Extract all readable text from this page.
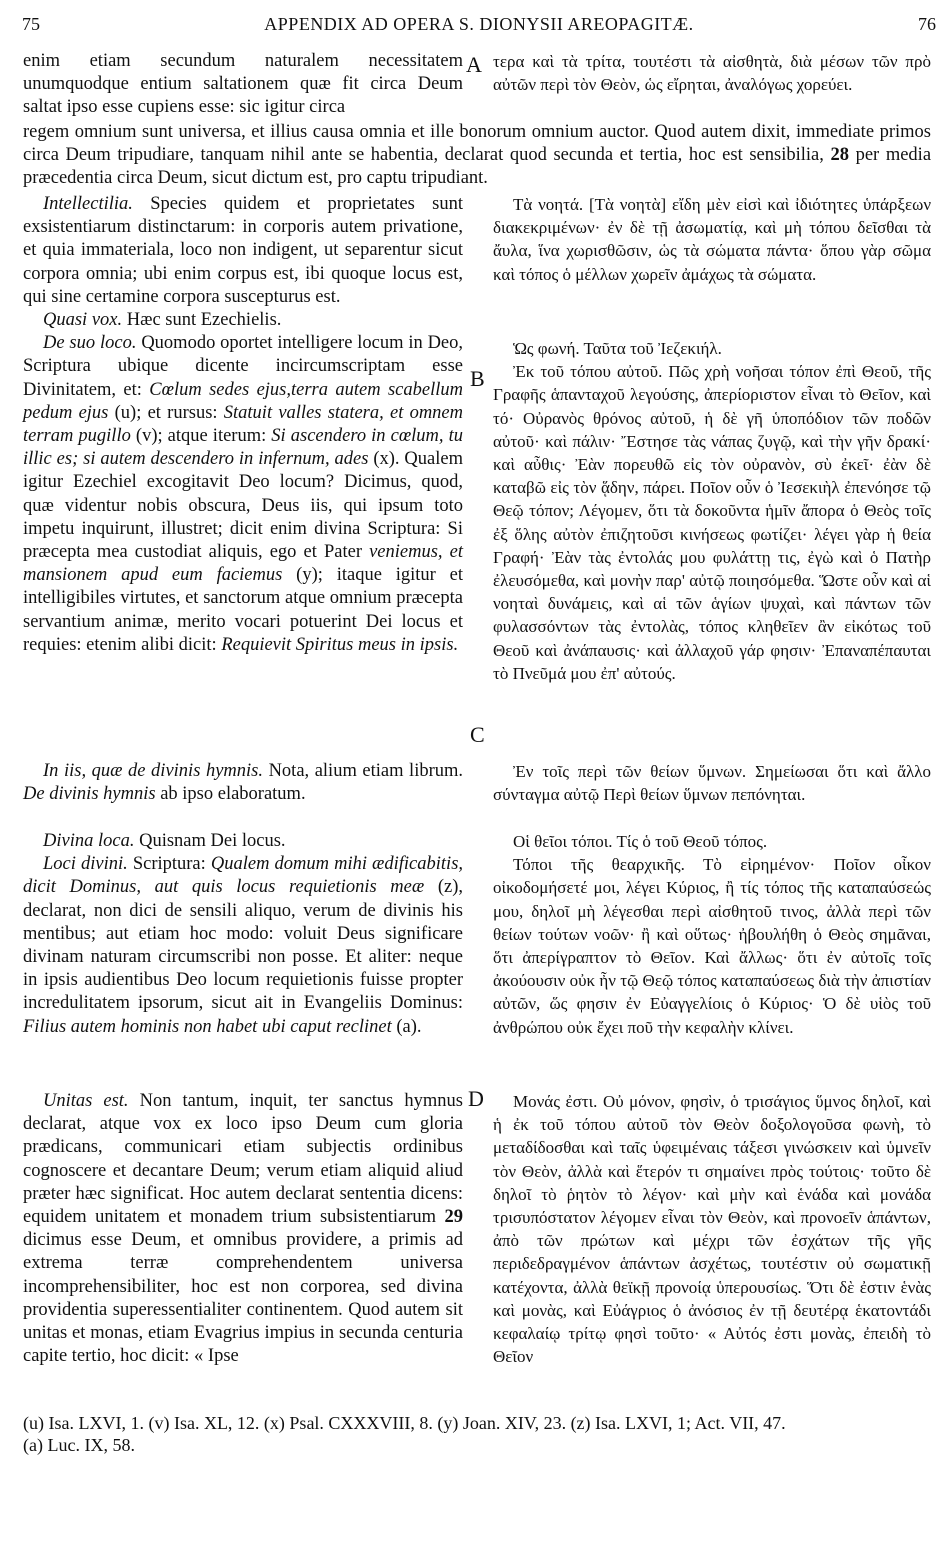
75	APPENDIX AD OPERA S. DIONYSII AREOPAGITÆ.	76
A
B
C
D

enim etiam secundum naturalem necessitatem unumquodque entium saltationem quæ fit circa Deum saltat ipso esse cupiens esse: sic igitur circa

τερα καὶ τὰ τρίτα, τουτέστι τὰ αἰσθητὰ, διὰ μέσων τῶν πρὸ αὐτῶν περὶ τὸν Θεὸν, ὡς εἴρηται, ἀναλόγως χορεύει.

regem omnium sunt universa, et illius causa omnia et ille bonorum omnium auctor. Quod autem dixit, immediate primos circa Deum tripudiare, tanquam nihil ante se habentia, declarat quod secunda et tertia, hoc est sensibilia, 28 per media præcedentia circa Deum, sicut dictum est, pro captu tripudiant.

Intellectilia. Species quidem et proprietates sunt exsistentiarum distinctarum: in corporis autem privatione, et quia immateriala, loco non indigent, ut separentur sicut corpora omnia; ubi enim corpus est, ibi quoque locus est, qui sine certamine corpora suscepturus est.

Quasi vox. Hæc sunt Ezechielis.

De suo loco. Quomodo oportet intelligere locum in Deo, Scriptura ubique dicente incircumscriptam esse Divinitatem, et: Cœlum sedes ejus,terra autem scabellum pedum ejus (u); et rursus: Statuit valles statera, et omnem terram pugillo (v); atque iterum: Si ascendero in cœlum, tu illic es; si autem descendero in infernum, ades (x). Qualem igitur Ezechiel excogitavit Deo locum? Dicimus, quod, quæ videntur nobis obscura, Deus iis, qui ipsum toto impetu inquirunt, illustret; dicit enim divina Scriptura: Si præcepta mea custodiat aliquis, ego et Pater veniemus, et mansionem apud eum faciemus (y); itaque igitur et intelligibiles virtutes, et sanctorum atque omnium præcepta servantium animæ, merito vocari potuerint Dei locus et requies: etenim alibi dicit: Requievit Spiritus meus in ipsis.

In iis, quæ de divinis hymnis. Nota, alium etiam librum. De divinis hymnis ab ipso elaboratum.

Divina loca. Quisnam Dei locus.

Loci divini. Scriptura: Qualem domum mihi ædificabitis, dicit Dominus, aut quis locus requietionis meæ (z), declarat, non dici de sensili aliquo, verum de divinis his mentibus; aut etiam hoc modo: voluit Deus significare divinam naturam circumscribi non posse. Et aliter: neque in ipsis audientibus Deo locum requietionis fuisse propter incredulitatem ipsorum, sicut ait in Evangeliis Dominus: Filius autem hominis non habet ubi caput reclinet (a).

Unitas est. Non tantum, inquit, ter sanctus hymnus declarat, atque vox ex loco ipso Deum cum gloria prædicans, communicari etiam subjectis ordinibus cognoscere et decantare Deum; verum etiam aliquid aliud præter hæc significat. Hoc autem declarat sententia dicens: equidem unitatem et monadem trium subsistentiarum 29 dicimus esse Deum, et omnibus providere, a primis ad extrema terræ comprehendentem universa incomprehensibiliter, hoc est non corporea, sed divina providentia superessentialiter continentem. Quod autem sit unitas et monas, etiam Evagrius impius in secunda centuria capite tertio, hoc dicit: « Ipse

Τὰ νοητά. [Τὰ νοητὰ] εἴδη μὲν εἰσὶ καὶ ἰδιότητες ὑπάρξεων διακεκριμένων· ἐν δὲ τῇ ἀσωματίᾳ, καὶ μὴ τόπου δεῖσθαι τὰ ἄυλα, ἵνα χωρισθῶσιν, ὡς τὰ σώματα πάντα· ὅπου γὰρ σῶμα καὶ τόπος ὁ μέλλων χωρεῖν ἀμάχως τὰ σώματα.

Ὡς φωνή. Ταῦτα τοῦ Ἰεζεκιήλ.

Ἐκ τοῦ τόπου αὐτοῦ. Πῶς χρὴ νοῆσαι τόπον ἐπὶ Θεοῦ, τῆς Γραφῆς ἁπανταχοῦ λεγούσης, ἀπερίοριστον εἶναι τὸ Θεῖον, καὶ τό· Οὐρανὸς θρόνος αὐτοῦ, ἡ δὲ γῆ ὑποπόδιον τῶν ποδῶν αὐτοῦ· καὶ πάλιν· Ἔστησε τὰς νάπας ζυγῷ, καὶ τὴν γῆν δρακί· καὶ αὖθις· Ἐὰν πορευθῶ εἰς τὸν οὐρανὸν, σὺ ἐκεῖ· ἐὰν δὲ καταβῶ εἰς τὸν ᾅδην, πάρει. Ποῖον οὖν ὁ Ἰεσεκιὴλ ἐπενόησε τῷ Θεῷ τόπον; Λέγομεν, ὅτι τὰ δοκοῦντα ἡμῖν ἄπορα ὁ Θεὸς τοῖς ἐξ ὅλης αὐτὸν ἐπιζητοῦσι κινήσεως φωτίζει· λέγει γὰρ ἡ θεία Γραφή· Ἐὰν τὰς ἐντολάς μου φυλάττῃ τις, ἐγὼ καὶ ὁ Πατὴρ ἐλευσόμεθα, καὶ μονὴν παρ' αὐτῷ ποιησόμεθα. Ὥστε οὖν καὶ αἱ νοηταὶ δυνάμεις, καὶ αἱ τῶν ἁγίων ψυχαὶ, καὶ πάντων τῶν φυλασσόντων τὰς ἐντολὰς, τόπος κληθεῖεν ἂν εἰκότως τοῦ Θεοῦ καὶ ἀνάπαυσις· καὶ ἀλλαχοῦ γάρ φησιν· Ἐπαναπέπαυται τὸ Πνεῦμά μου ἐπ' αὐτούς.

Ἐν τοῖς περὶ τῶν θείων ὕμνων. Σημείωσαι ὅτι καὶ ἄλλο σύνταγμα αὐτῷ Περὶ θείων ὕμνων πεπόνηται.

Οἱ θεῖοι τόποι. Τίς ὁ τοῦ Θεοῦ τόπος.

Τόποι τῆς θεαρχικῆς. Τὸ εἰρημένον· Ποῖον οἶκον οἰκοδομήσετέ μοι, λέγει Κύριος, ἢ τίς τόπος τῆς καταπαύσεώς μου, δηλοῖ μὴ λέγεσθαι περὶ αἰσθητοῦ τινος, ἀλλὰ περὶ τῶν θείων τούτων νοῶν· ἢ καὶ οὕτως· ἠβουλήθη ὁ Θεὸς σημᾶναι, ὅτι ἀπερίγραπτον τὸ Θεῖον. Καὶ ἄλλως· ὅτι ἐν αὐτοῖς τοῖς ἀκούουσιν οὐκ ἦν τῷ Θεῷ τόπος καταπαύσεως διὰ τὴν ἀπιστίαν αὐτῶν, ὥς φησιν ἐν Εὐαγγελίοις ὁ Κύριος· Ὁ δὲ υἱὸς τοῦ ἀνθρώπου οὐκ ἔχει ποῦ τὴν κεφαλὴν κλίνει.

Μονάς ἐστι. Οὐ μόνον, φησὶν, ὁ τρισάγιος ὕμνος δηλοῖ, καὶ ἡ ἐκ τοῦ τόπου αὐτοῦ τὸν Θεὸν δοξολογοῦσα φωνὴ, τὸ μεταδίδοσθαι καὶ ταῖς ὑφειμέναις τάξεσι γινώσκειν καὶ ὑμνεῖν τὸν Θεὸν, ἀλλὰ καὶ ἕτερόν τι σημαίνει πρὸς τούτοις· τοῦτο δὲ δηλοῖ τὸ ῥητὸν τὸ λέγον· καὶ μὴν καὶ ἑνάδα καὶ μονάδα τρισυπόστατον λέγομεν εἶναι τὸν Θεὸν, καὶ προνοεῖν ἁπάντων, ἀπὸ τῶν πρώτων καὶ μέχρι τῶν ἐσχάτων τῆς γῆς περιδεδραγμένον ἁπάντων ἀσχέτως, τουτέστιν οὐ σωματικῇ κατέχοντα, ἀλλὰ θεϊκῇ προνοίᾳ ὑπερουσίως. Ὅτι δὲ ἐστιν ἑνὰς καὶ μονὰς, καὶ Εὐάγριος ὁ ἀνόσιος ἐν τῇ δευτέρᾳ ἑκατοντάδι κεφαλαίῳ τρίτῳ φησὶ τοῦτο· « Αὐτός ἐστι μονὰς, ἐπειδὴ τὸ Θεῖον

(u) Isa. LXVI, 1. (v) Isa. XL, 12. (x) Psal. CXXXVIII, 8. (y) Joan. XIV, 23. (z) Isa. LXVI, 1; Act. VII, 47.

(a) Luc. IX, 58.
